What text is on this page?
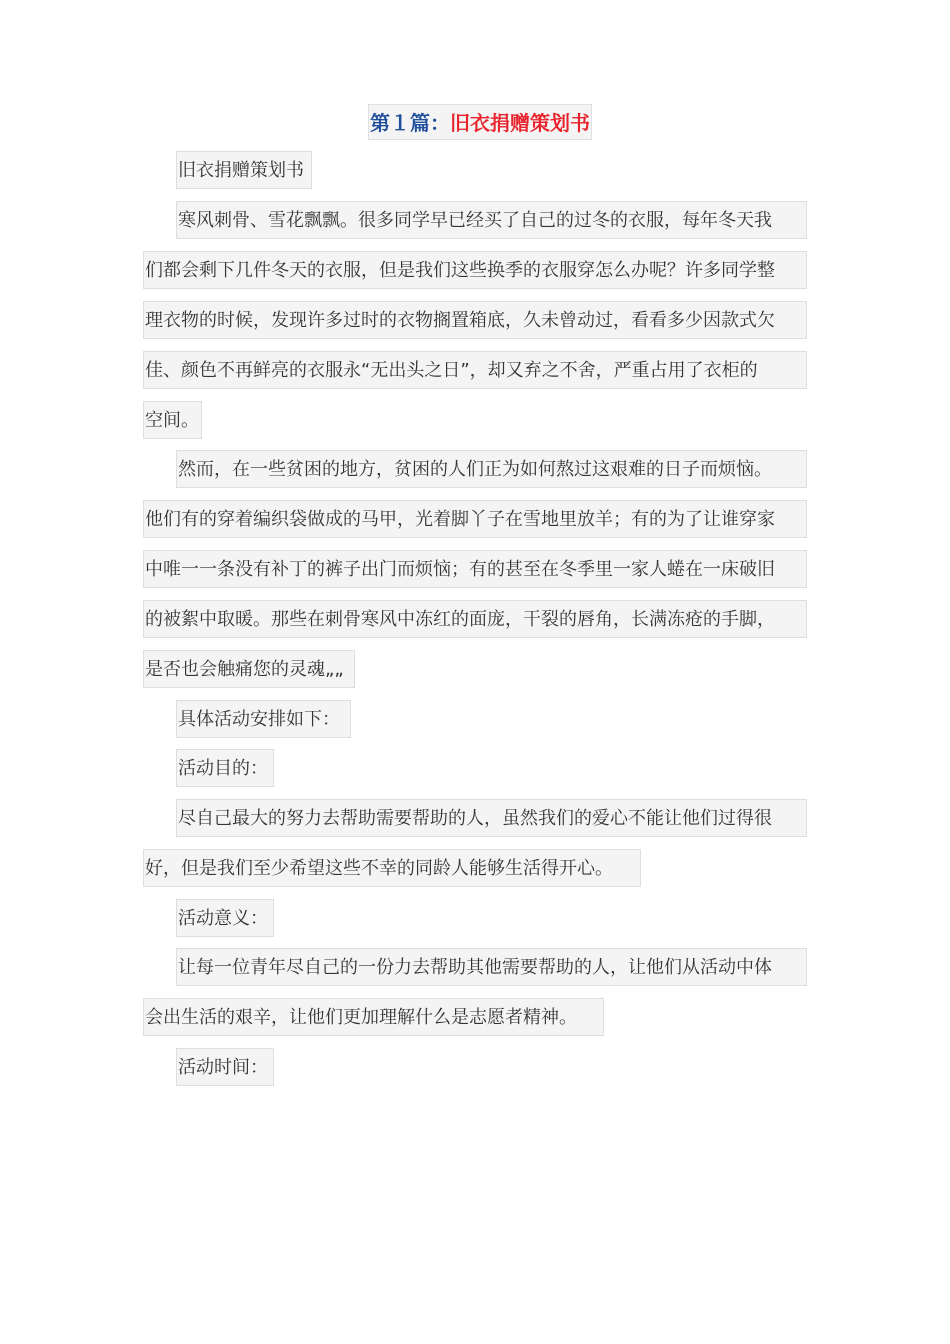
第１篇：旧衣捐赠策划书
旧衣捐赠策划书
寒风刺骨、雪花飘飘。很多同学早已经买了自己的过冬的衣服，每年冬天我
们都会剩下几件冬天的衣服，但是我们这些换季的衣服穿怎么办呢？许多同学整
理衣物的时候，发现许多过时的衣物搁置箱底，久未曾动过，看看多少因款式欠
佳、颜色不再鲜亮的衣服永“无出头之日”，却又弃之不舍，严重占用了衣柜的
空间。
然而，在一些贫困的地方，贫困的人们正为如何熬过这艰难的日子而烦恼。
他们有的穿着编织袋做成的马甲，光着脚丫子在雪地里放羊；有的为了让谁穿家
中唯一一条没有补丁的裤子出门而烦恼；有的甚至在冬季里一家人蜷在一床破旧
的被絮中取暖。那些在刺骨寒风中冻红的面庞，干裂的唇角，长满冻疮的手脚，
是否也会触痛您的灵魂„„
具体活动安排如下：
活动目的：
尽自己最大的努力去帮助需要帮助的人，虽然我们的爱心不能让他们过得很
好，但是我们至少希望这些不幸的同龄人能够生活得开心。
活动意义：
让每一位青年尽自己的一份力去帮助其他需要帮助的人，让他们从活动中体
会出生活的艰辛，让他们更加理解什么是志愿者精神。
活动时间：
